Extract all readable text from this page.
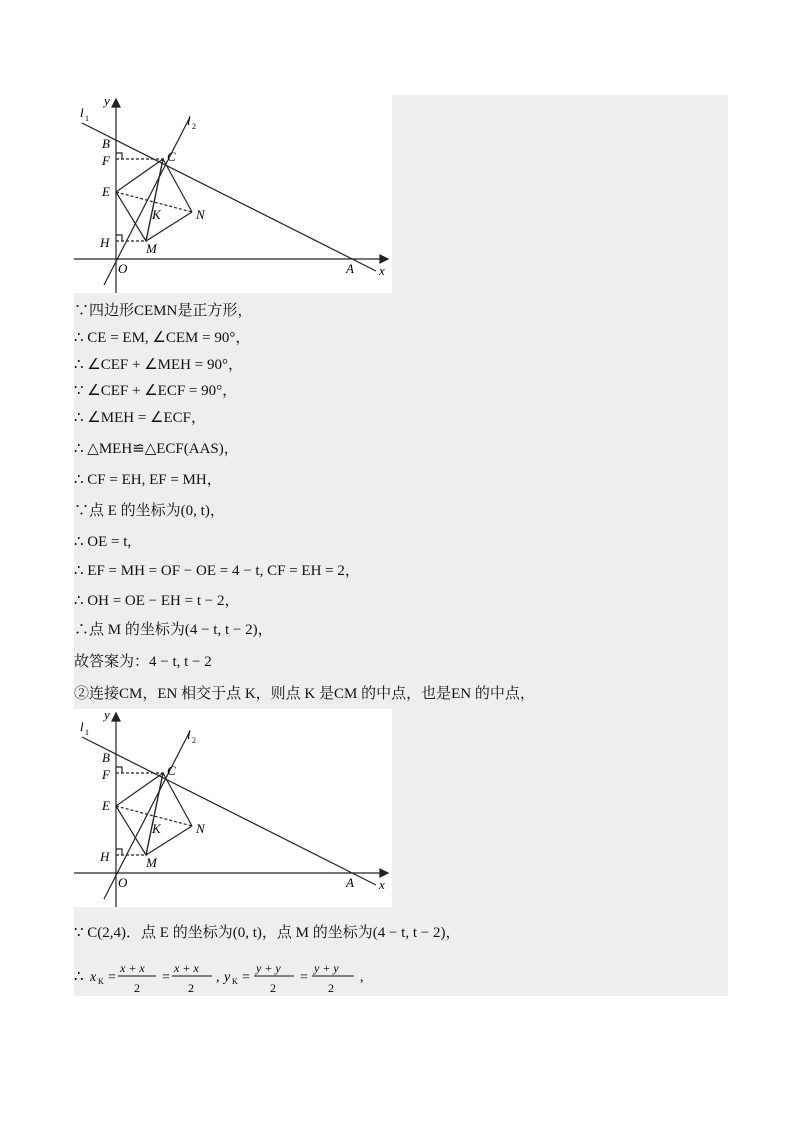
y
x
l 1	l 2
B
F	C
E
K	N
H	M
O	A
∵四边形CEMN是正方形，
∴ CE = EM, ∠CEM = 90°，
∴ ∠CEF + ∠MEH = 90°，
∵ ∠CEF + ∠ECF = 90°，
∴ ∠MEH = ∠ECF，
∴ △MEH≌△ECF(AAS)，
∴ CF = EH, EF = MH，
∵点 E 的坐标为(0, t)，
∴ OE = t,
∴ EF = MH = OF − OE = 4 − t, CF = EH = 2，
∴ OH = OE − EH = t − 2，
∴点 M 的坐标为(4 − t, t − 2)，
故答案为：4 − t, t − 2
②连接CM，EN 相交于点 K，则点 K 是CM 的中点，也是EN 的中点，
y
x
l 1	l 2
B
F	C
E
K	N
H	M
O	A
∵ C(2,4)．点 E 的坐标为(0, t)，点 M 的坐标为(4 − t, t − 2)，
∴ x K =
x + x
2
=
x + x
2
, y K =
y + y
2
=
y + y
2
,
